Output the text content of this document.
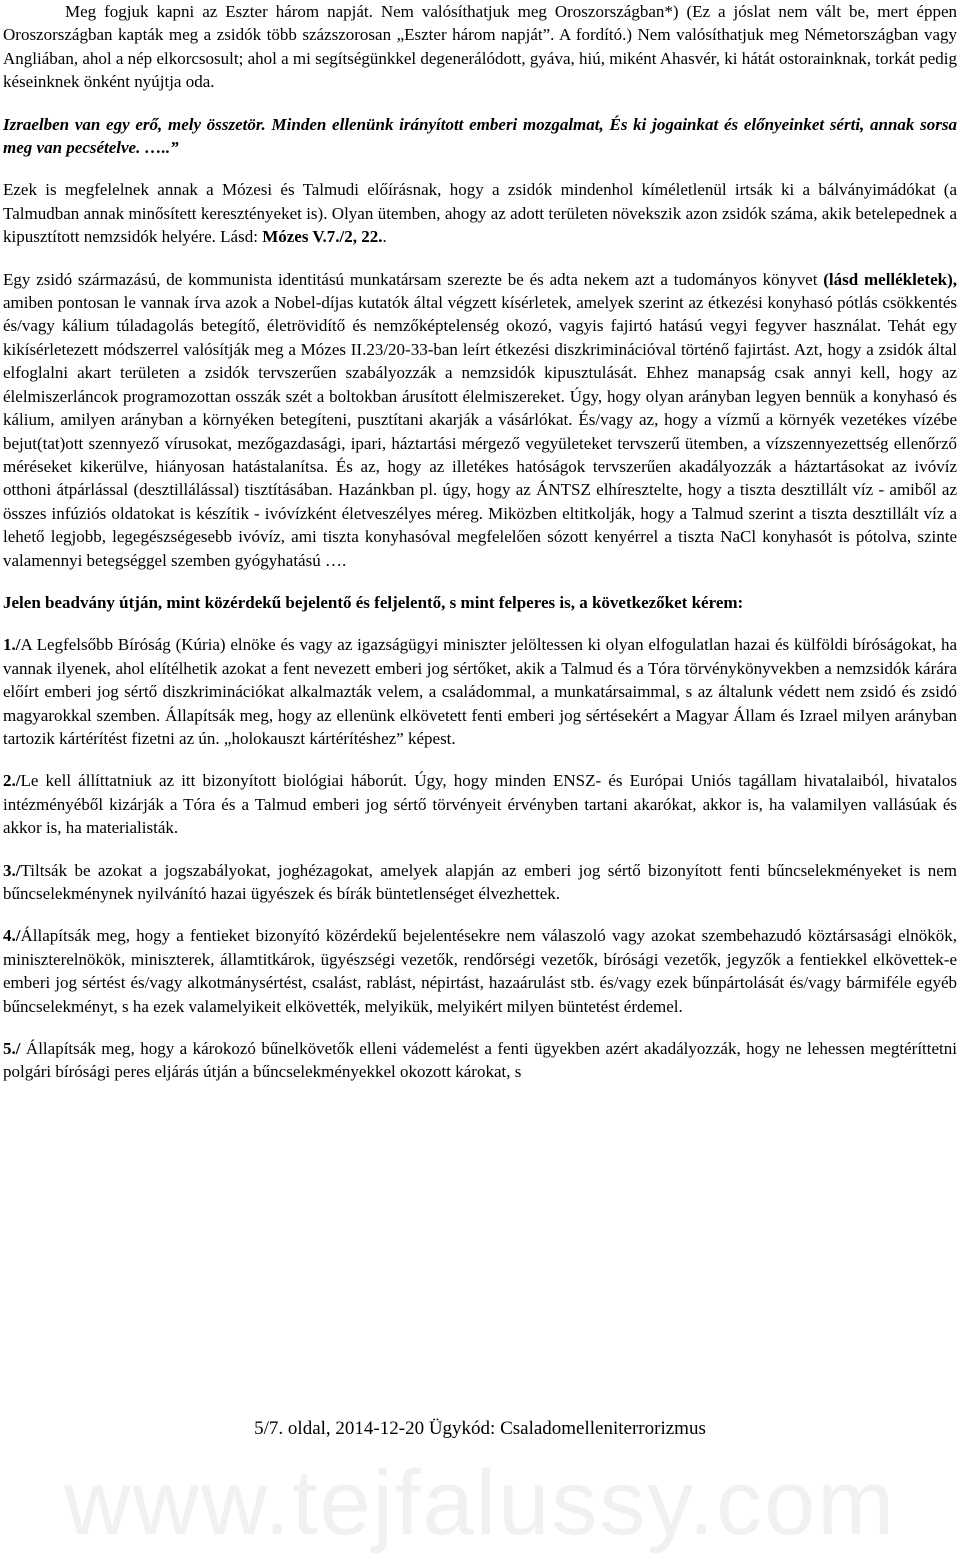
Meg fogjuk kapni az Eszter három napját. Nem valósíthatjuk meg Oroszországban*) (Ez a jóslat nem vált be, mert éppen Oroszországban kapták meg a zsidók több százszorosan „Eszter három napját”. A fordító.) Nem valósíthatjuk meg Németországban vagy Angliában, ahol a nép elkorcsosult; ahol a mi segítségünkkel degenerálódott, gyáva, hiú, miként Ahasvér, ki hátát ostorainknak, torkát pedig késeinknek önként nyújtja oda.

Izraelben van egy erő, mely összetör. Minden ellenünk irányított emberi mozgalmat, És ki jogainkat és előnyeinket sérti, annak sorsa meg van pecsételve. …..”

Ezek is megfelelnek annak a Mózesi és Talmudi előírásnak, hogy a zsidók mindenhol kíméletlenül irtsák ki a bálványimádókat (a Talmudban annak minősített keresztényeket is). Olyan ütemben, ahogy az adott területen növekszik azon zsidók száma, akik betelepednek a kipusztított nemzsidók helyére. Lásd: Mózes V.7./2, 22..

Egy zsidó származású, de kommunista identitású munkatársam szerezte be és adta nekem azt a tudományos könyvet (lásd mellékletek), amiben pontosan le vannak írva azok a Nobel-díjas kutatók által végzett kísérletek, amelyek szerint az étkezési konyhasó pótlás csökkentés és/vagy kálium túladagolás betegítő, életrövidítő és nemzőképtelenség okozó, vagyis fajirtó hatású vegyi fegyver használat. Tehát egy kikísérletezett módszerrel valósítják meg a Mózes II.23/20-33-ban leírt étkezési diszkriminációval történő fajirtást. Azt, hogy a zsidók által elfoglalni akart területen a zsidók tervszerűen szabályozzák a nemzsidók kipusztulását. Ehhez manapság csak annyi kell, hogy az élelmiszerláncok programozottan osszák szét a boltokban árusított élelmiszereket. Úgy, hogy olyan arányban legyen bennük a konyhasó és kálium, amilyen arányban a környéken betegíteni, pusztítani akarják a vásárlókat. És/vagy az, hogy a vízmű a környék vezetékes vízébe bejut(tat)ott szennyező vírusokat, mezőgazdasági, ipari, háztartási mérgező vegyületeket tervszerű ütemben, a vízszennyezettség ellenőrző méréseket kikerülve, hiányosan hatástalanítsa. És az, hogy az illetékes hatóságok tervszerűen akadályozzák a háztartásokat az ivóvíz otthoni átpárlással (desztillálással) tisztításában. Hazánkban pl. úgy, hogy az ÁNTSZ elhíresztelte, hogy a tiszta desztillált víz - amiből az összes infúziós oldatokat is készítik - ivóvízként életveszélyes méreg. Miközben eltitkolják, hogy a Talmud szerint a tiszta desztillált víz a lehető legjobb, legegészségesebb ivóvíz, ami tiszta konyhasóval megfelelően sózott kenyérrel a tiszta NaCl konyhasót is pótolva, szinte valamennyi betegséggel szemben gyógyhatású ….

Jelen beadvány útján, mint közérdekű bejelentő és feljelentő, s mint felperes is, a következőket kérem:

1./A Legfelsőbb Bíróság (Kúria) elnöke és vagy az igazságügyi miniszter jelöltessen ki olyan elfogulatlan hazai és külföldi bíróságokat, ha vannak ilyenek, ahol elítélhetik azokat a fent nevezett emberi jog sértőket, akik a Talmud és a Tóra törvénykönyvekben a nemzsidók kárára előírt emberi jog sértő diszkriminációkat alkalmazták velem, a családommal, a munkatársaimmal, s az általunk védett nem zsidó és zsidó magyarokkal szemben. Állapítsák meg, hogy az ellenünk elkövetett fenti emberi jog sértésekért a Magyar Állam és Izrael milyen arányban tartozik kártérítést fizetni az ún. „holokauszt kártérítéshez” képest.

2./Le kell állíttatniuk az itt bizonyított biológiai háborút. Úgy, hogy minden ENSZ- és Európai Uniós tagállam hivatalaiból, hivatalos intézményéből kizárják a Tóra és a Talmud emberi jog sértő törvényeit érvényben tartani akarókat, akkor is, ha valamilyen vallásúak és akkor is, ha materialisták.

3./Tiltsák be azokat a jogszabályokat, joghézagokat, amelyek alapján az emberi jog sértő bizonyított fenti bűncselekményeket is nem bűncselekménynek nyilvánító hazai ügyészek és bírák büntetlenséget élvezhettek.

4./Állapítsák meg, hogy a fentieket bizonyító közérdekű bejelentésekre nem válaszoló vagy azokat szembehazudó köztársasági elnökök, miniszterelnökök, miniszterek, államtitkárok, ügyészségi vezetők, rendőrségi vezetők, bírósági vezetők, jegyzők a fentiekkel elkövettek-e emberi jog sértést és/vagy alkotmánysértést, csalást, rablást, népirtást, hazaárulást stb. és/vagy ezek bűnpártolását és/vagy bármiféle egyéb bűncselekményt, s ha ezek valamelyikeit elkövették, melyikük, melyikért milyen büntetést érdemel.

5./ Állapítsák meg, hogy a károkozó bűnelkövetők elleni vádemelést a fenti ügyekben azért akadályozzák, hogy ne lehessen megtéríttetni polgári bírósági peres eljárás útján a bűncselekményekkel okozott károkat, s

5/7. oldal, 2014-12-20 Ügykód: Csaladomelleniterrorizmus
www.tejfalussy.com
